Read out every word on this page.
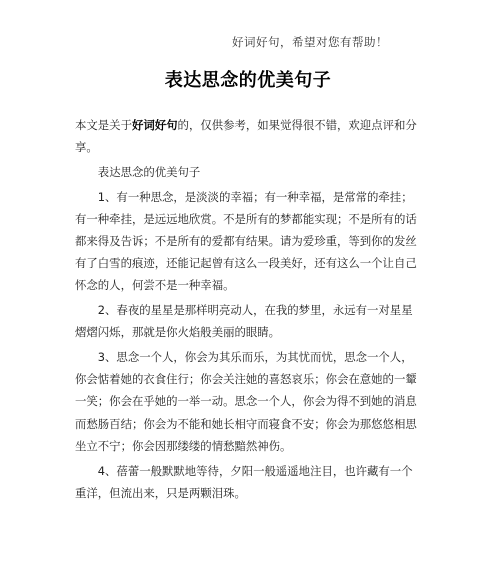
好词好句，希望对您有帮助！
表达思念的优美句子

本文是关于好词好句的，仅供参考，如果觉得很不错，欢迎点评和分
享。

表达思念的优美句子

1、有一种思念，是淡淡的幸福；有一种幸福，是常常的牵挂；
有一种牵挂，是远远地欣赏。不是所有的梦都能实现；不是所有的话
都来得及告诉；不是所有的爱都有结果。请为爱珍重，等到你的发丝
有了白雪的痕迹，还能记起曾有这么一段美好，还有这么一个让自己
怀念的人，何尝不是一种幸福。

2、春夜的星星是那样明亮动人，在我的梦里，永远有一对星星
熠熠闪烁，那就是你火焰般美丽的眼睛。

3、思念一个人，你会为其乐而乐，为其忧而忧，思念一个人，
你会惦着她的衣食住行；你会关注她的喜怒哀乐；你会在意她的一颦
一笑；你会在乎她的一举一动。思念一个人，你会为得不到她的消息
而愁肠百结；你会为不能和她长相守而寝食不安；你会为那悠悠相思
坐立不宁；你会因那缕缕的情愁黯然神伤。

4、蓓蕾一般默默地等待，夕阳一般遥遥地注目，也许藏有一个
重洋，但流出来，只是两颗泪珠。
